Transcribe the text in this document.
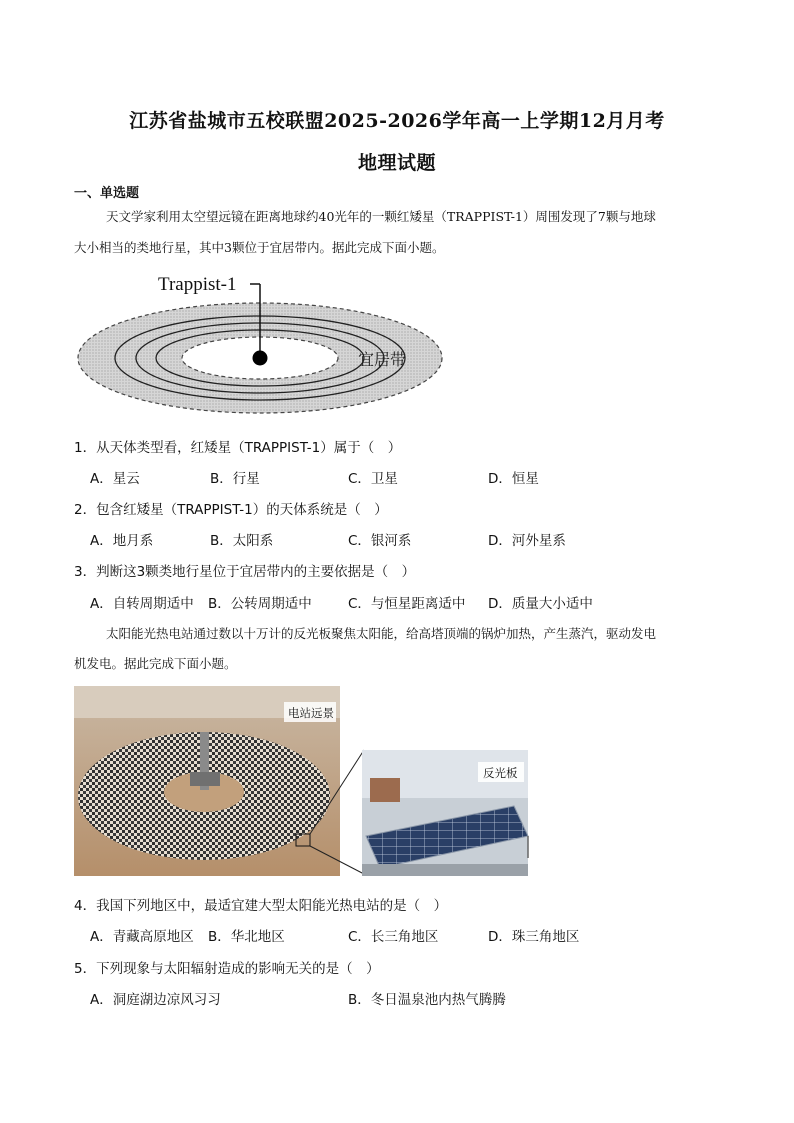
江苏省盐城市五校联盟2025-2026学年高一上学期12月月考
地理试题
一、单选题
天文学家利用太空望远镜在距离地球约40光年的一颗红矮星（TRAPPIST-1）周围发现了7颗与地球
大小相当的类地行星，其中3颗位于宜居带内。据此完成下面小题。
Trappist-1
宜居带
1．从天体类型看，红矮星（TRAPPIST-1）属于（　）
A．星云	B．行星	C．卫星	D．恒星
2．包含红矮星（TRAPPIST-1）的天体系统是（　）
A．地月系	B．太阳系	C．银河系	D．河外星系
3．判断这3颗类地行星位于宜居带内的主要依据是（　）
A．自转周期适中 B．公转周期适中	C．与恒星距离适中 D．质量大小适中
太阳能光热电站通过数以十万计的反光板聚焦太阳能，给高塔顶端的锅炉加热，产生蒸汽，驱动发电
机发电。据此完成下面小题。
电站远景
反光板
4．我国下列地区中，最适宜建大型太阳能光热电站的是（　）
A．青藏高原地区 B．华北地区	C．长三角地区	D．珠三角地区
5．下列现象与太阳辐射造成的影响无关的是（　）
A．洞庭湖边凉风习习	B．冬日温泉池内热气腾腾
